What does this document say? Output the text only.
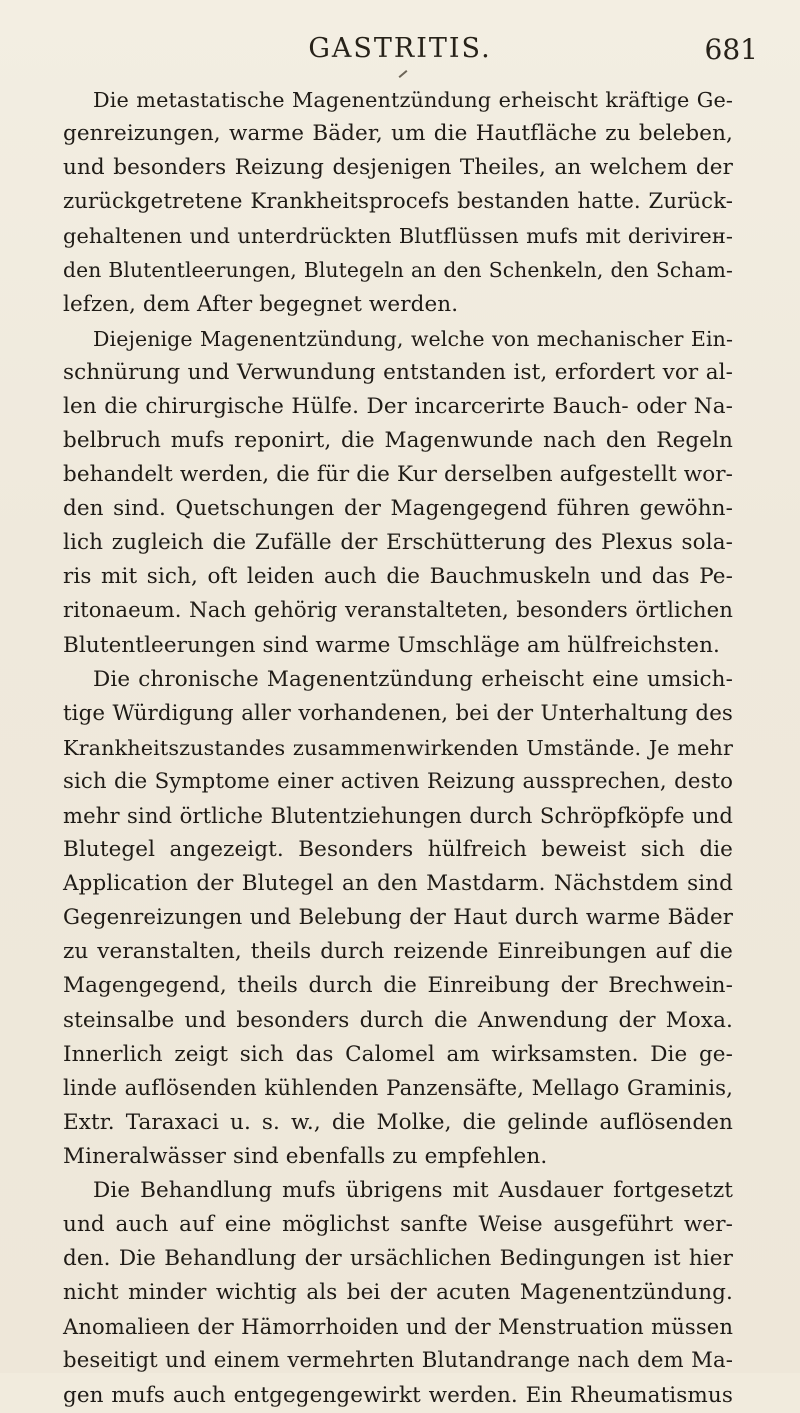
GASTRITIS.	681

Die metastatische Magenentzündung erheischt kräftige Ge-
genreizungen, warme Bäder, um die Hautfläche zu beleben,
und besonders Reizung desjenigen Theiles, an welchem der
zurückgetretene Krankheitsprocefs bestanden hatte. Zurück-
gehaltenen und unterdrückten Blutflüssen mufs mit derivirен-
den Blutentleerungen, Blutegeln an den Schenkeln, den Scham-
lefzen, dem After begegnet werden.

Diejenige Magenentzündung, welche von mechanischer Ein-
schnürung und Verwundung entstanden ist, erfordert vor al-
len die chirurgische Hülfe. Der incarcerirte Bauch- oder Na-
belbruch mufs reponirt, die Magenwunde nach den Regeln
behandelt werden, die für die Kur derselben aufgestellt wor-
den sind. Quetschungen der Magengegend führen gewöhn-
lich zugleich die Zufälle der Erschütterung des Plexus sola-
ris mit sich, oft leiden auch die Bauchmuskeln und das Pe-
ritonaeum. Nach gehörig veranstalteten, besonders örtlichen
Blutentleerungen sind warme Umschläge am hülfreichsten.

Die chronische Magenentzündung erheischt eine umsich-
tige Würdigung aller vorhandenen, bei der Unterhaltung des
Krankheitszustandes zusammenwirkenden Umstände. Je mehr
sich die Symptome einer activen Reizung aussprechen, desto
mehr sind örtliche Blutentziehungen durch Schröpfköpfe und
Blutegel angezeigt. Besonders hülfreich beweist sich die
Application der Blutegel an den Mastdarm. Nächstdem sind
Gegenreizungen und Belebung der Haut durch warme Bäder
zu veranstalten, theils durch reizende Einreibungen auf die
Magengegend, theils durch die Einreibung der Brechwein-
steinsalbe und besonders durch die Anwendung der Moxa.
Innerlich zeigt sich das Calomel am wirksamsten. Die ge-
linde auflösenden kühlenden Panzensäfte, Mellago Graminis,
Extr. Taraxaci u. s. w., die Molke, die gelinde auflösenden
Mineralwässer sind ebenfalls zu empfehlen.

Die Behandlung mufs übrigens mit Ausdauer fortgesetzt
und auch auf eine möglichst sanfte Weise ausgeführt wer-
den. Die Behandlung der ursächlichen Bedingungen ist hier
nicht minder wichtig als bei der acuten Magenentzündung.
Anomalieen der Hämorrhoiden und der Menstruation müssen
beseitigt und einem vermehrten Blutandrange nach dem Ma-
gen mufs auch entgegengewirkt werden. Ein Rheumatismus
